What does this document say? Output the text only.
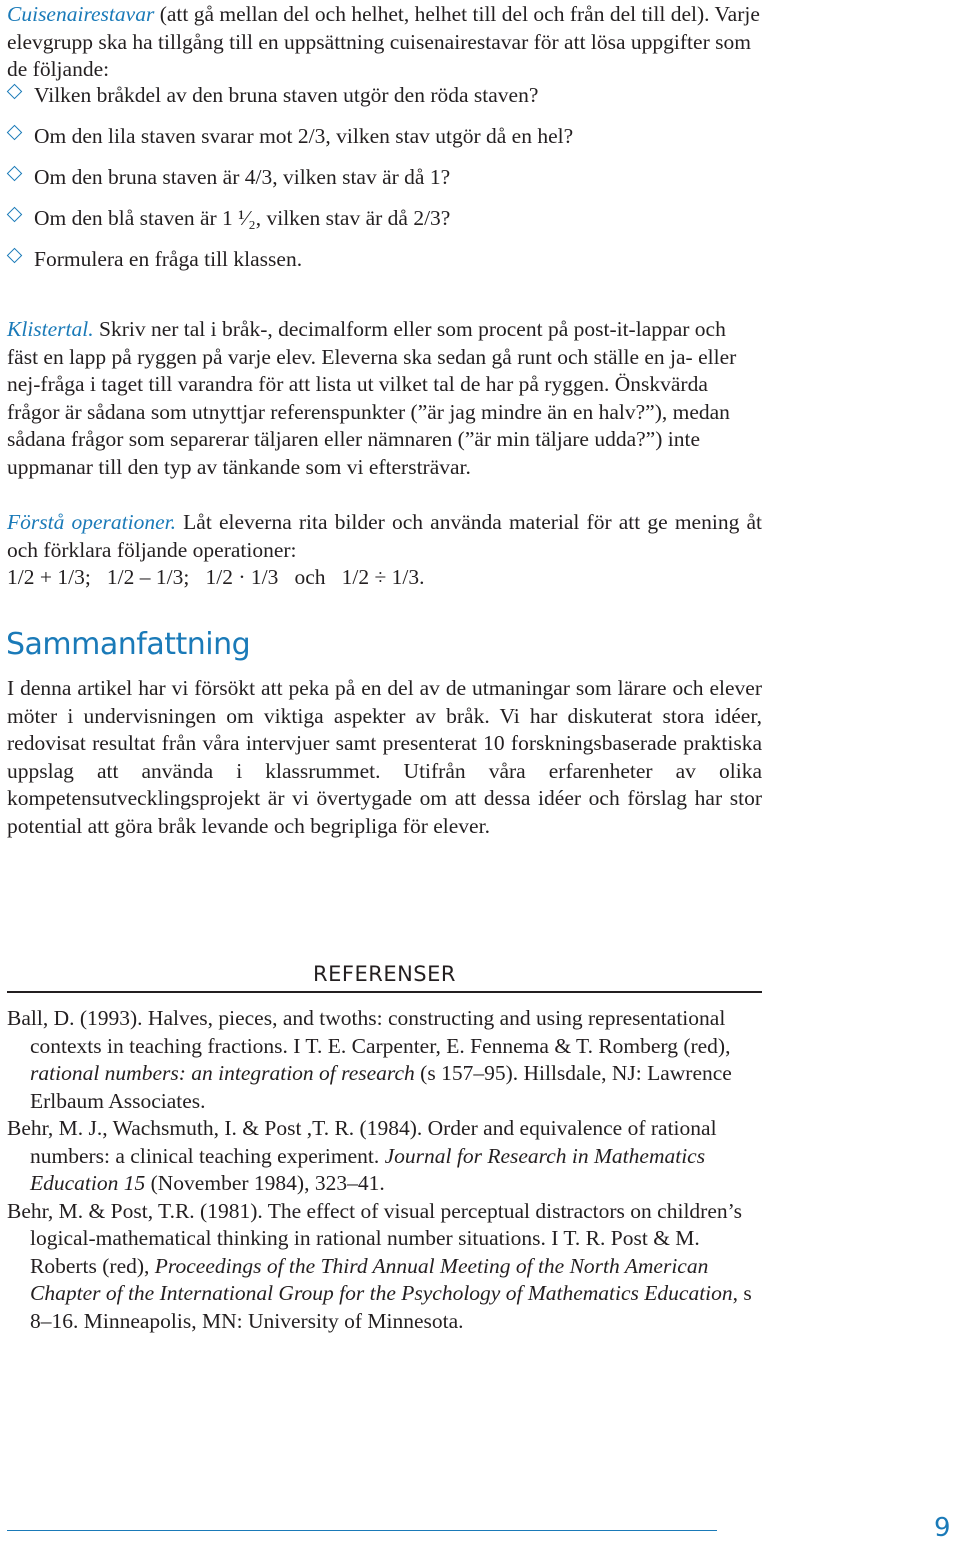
Cuisenairestavar (att gå mellan del och helhet, helhet till del och från del till del). Varje elevgrupp ska ha tillgång till en uppsättning cuisenairestavar för att lösa uppgifter som de följande:

Vilken bråkdel av den bruna staven utgör den röda staven?
Om den lila staven svarar mot 2/3, vilken stav utgör då en hel?
Om den bruna staven är 4/3, vilken stav är då 1?
Om den blå staven är 1 ¹⁄₂, vilken stav är då 2/3?
Formulera en fråga till klassen.

Klistertal. Skriv ner tal i bråk-, decimalform eller som procent på post-it-lappar och fäst en lapp på ryggen på varje elev. Eleverna ska sedan gå runt och ställe en ja- eller nej-fråga i taget till varandra för att lista ut vilket tal de har på ryggen. Önskvärda frågor är sådana som utnyttjar referenspunkter (”är jag mindre än en halv?”), medan sådana frågor som separerar täljaren eller nämnaren (”är min täljare udda?”) inte uppmanar till den typ av tänkande som vi eftersträvar.

Förstå operationer. Låt eleverna rita bilder och använda material för att ge mening åt och förklara följande operationer:

1/2 + 1/3;   1/2 – 1/3;   1/2 · 1/3   och   1/2 ÷ 1/3.
Sammanfattning

I denna artikel har vi försökt att peka på en del av de utmaningar som lärare och elever möter i undervisningen om viktiga aspekter av bråk. Vi har diskuterat stora idéer, redovisat resultat från våra intervjuer samt presenterat 10 forskningsbaserade praktiska uppslag att använda i klassrummet. Utifrån våra erfarenheter av olika kompetensutvecklingsprojekt är vi övertygade om att dessa idéer och förslag har stor potential att göra bråk levande och begripliga för elever.

REFERENSER

Ball, D. (1993). Halves, pieces, and twoths: constructing and using representational contexts in teaching fractions. I T. E. Carpenter, E. Fennema & T. Romberg (red), rational numbers: an integration of research (s 157–95). Hillsdale, NJ: Lawrence Erlbaum Associates.

Behr, M. J., Wachsmuth, I. & Post ,T. R. (1984). Order and equivalence of rational numbers: a clinical teaching experiment. Journal for Research in Mathematics Education 15 (November 1984), 323–41.

Behr, M. & Post, T.R. (1981). The effect of visual perceptual distractors on children’s logical-mathematical thinking in rational number situations. I T. R. Post & M. Roberts (red), Proceedings of the Third Annual Meeting of the North American Chapter of the International Group for the Psychology of Mathematics Education, s 8–16. Minneapolis, MN: University of Minnesota.

9
